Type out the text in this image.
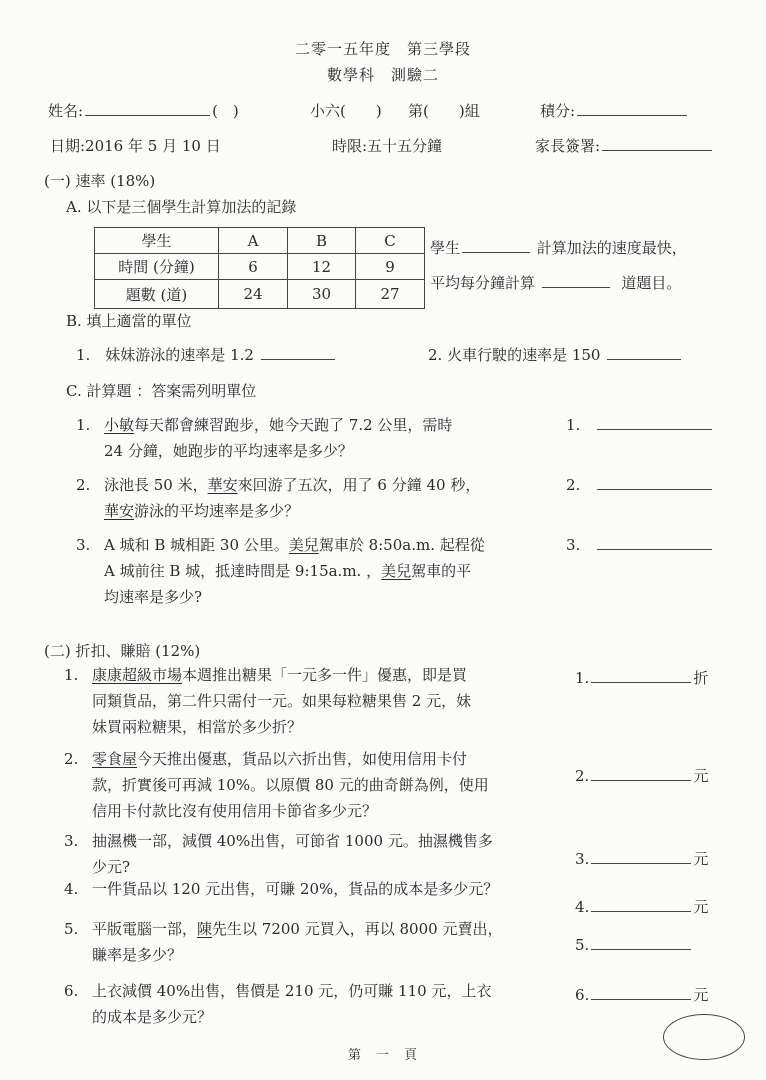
二零一五年度　第三學段
數學科　測驗二
姓名:	(　)	小六(　　) 第(　　)組	積分:
日期:2016 年 5 月 10 日	時限:五十五分鐘	家長簽署:
(一) 速率 (18%)
A. 以下是三個學生計算加法的記錄
學生	A	B	C
時間 (分鐘)	6	12	9
題數 (道)	24	30	27
學生	計算加法的速度最快，
平均每分鐘計算	道題目。
B. 填上適當的單位
1.　妹妹游泳的速率是 1.2	2. 火車行駛的速率是 150
C. 計算題 ：答案需列明單位
1. 小敏每天都會練習跑步，她今天跑了 7.2 公里，需時
24 分鐘，她跑步的平均速率是多少？
1.
2. 泳池長 50 米，華安來回游了五次，用了 6 分鐘 40 秒，
華安游泳的平均速率是多少？
2.
3. A 城和 B 城相距 30 公里。美兒駕車於 8:50a.m. 起程從
A 城前往 B 城，抵達時間是 9:15a.m. ，美兒駕車的平
均速率是多少?
3.
(二) 折扣、賺賠 (12%)
1. 康康超級市場本週推出糖果「一元多一件」優惠，即是買
同類貨品，第二件只需付一元。如果每粒糖果售 2 元，妹
妹買兩粒糖果，相當於多少折？
1.	折
2. 零食屋今天推出優惠，貨品以六折出售，如使用信用卡付
款，折實後可再減 10%。以原價 80 元的曲奇餅為例，使用
信用卡付款比沒有使用信用卡節省多少元？
2.	元
3. 抽濕機一部，減價 40%出售，可節省 1000 元。抽濕機售多
少元?	3.	元
4. 一件貨品以 120 元出售，可賺 20%，貨品的成本是多少元？
4.	元
5. 平版電腦一部，陳先生以 7200 元買入，再以 8000 元賣出，
賺率是多少？
5.
6. 上衣減價 40%出售，售價是 210 元，仍可賺 110 元，上衣
的成本是多少元？
6.	元
第　一　頁
